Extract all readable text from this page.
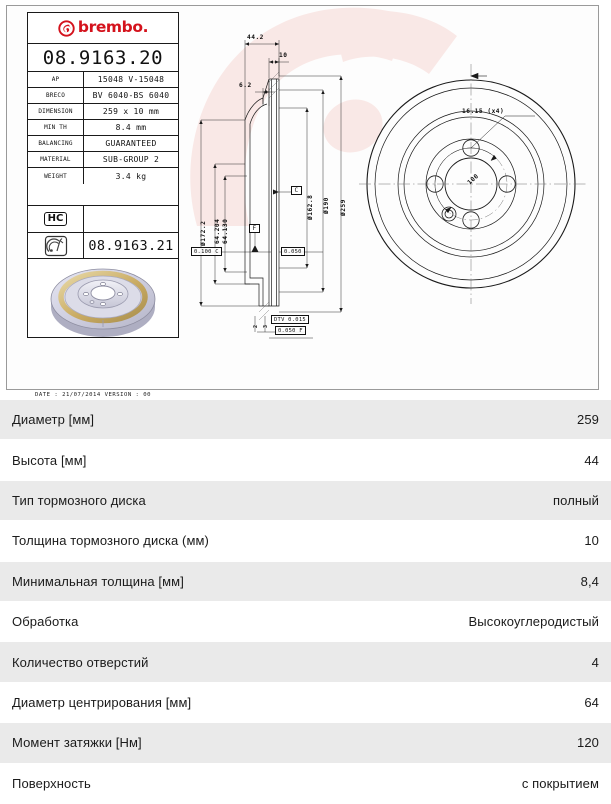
brembo.
08.9163.20
AP	15048 V-15048
BRECO	BV 6040-BS 6040
DIMENSION	259 x 10 mm
MIN TH	8.4 mm
BALANCING	GUARANTEED
MATERIAL	SUB-GROUP 2
WEIGHT	3.4 kg
HC
08.9163.21
DATE : 21/07/2014 VERSION : 00
44.2
10
6.2
Ø172.2 64.204 64.130
Ø162.8 Ø190 Ø259
2 3
C
F
0.100 C	0.050
DTV 0.015
0.050 F
16.15 (x4)
100
Диаметр [мм]	259
Высота [мм]	44
Тип тормозного диска	полный
Толщина тормозного диска (мм)	10
Минимальная толщина [мм]	8,4
Обработка	Высокоуглеродистый
Количество отверстий	4
Диаметр центрирования [мм]	64
Момент затяжки [Нм]	120
Поверхность	с покрытием
